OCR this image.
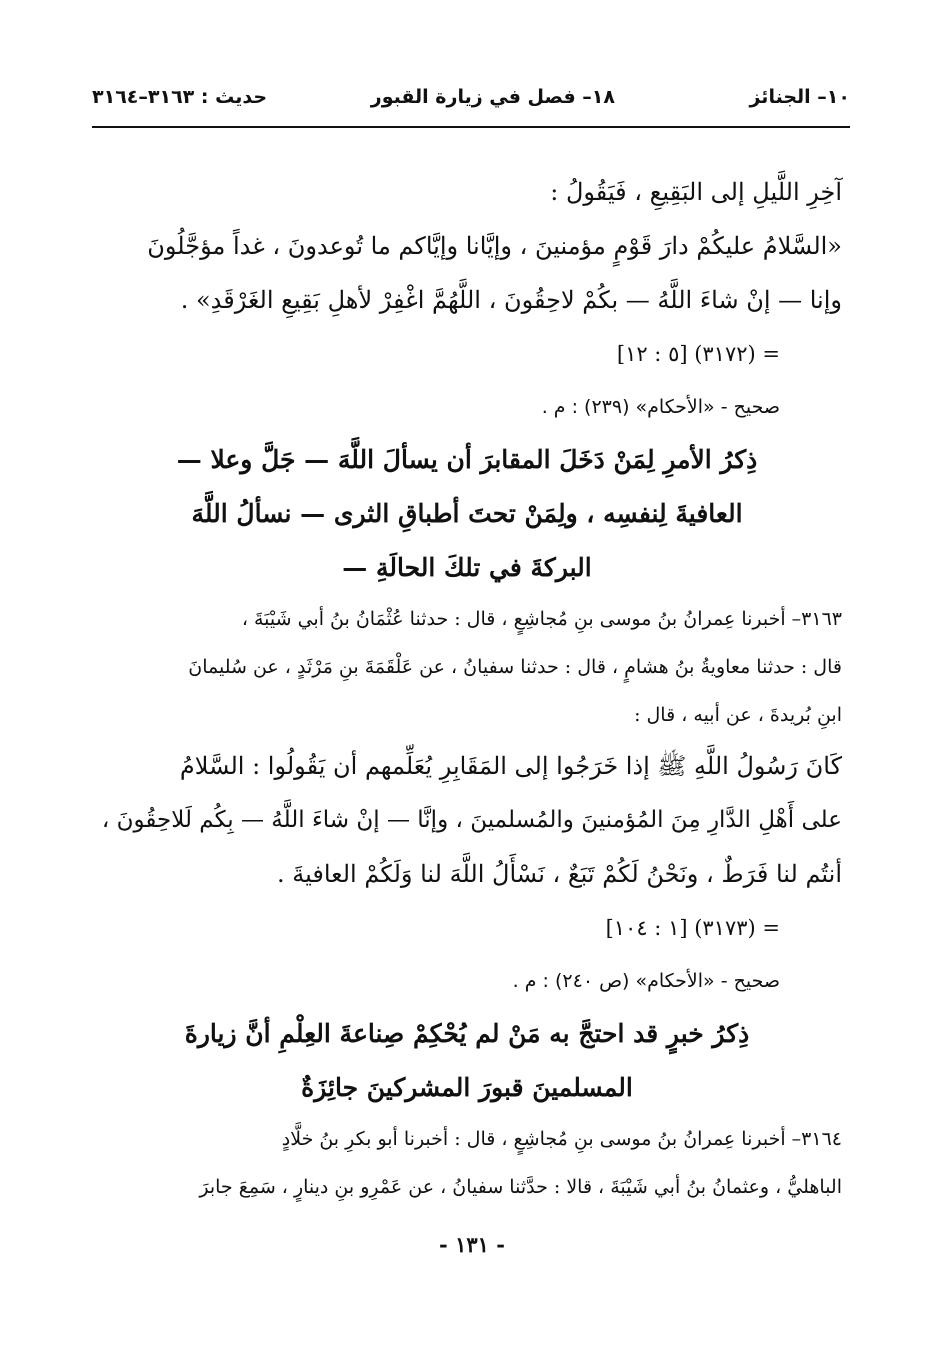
١٠– الجنائز
١٨– فصل في زيارة القبور
حديث : ٣١٦٣–٣١٦٤
آخِرِ اللَّيلِ إلى البَقِيعِ ، فَيَقُولُ :
«السَّلامُ عليكُمْ دارَ قَوْمٍ مؤمنينَ ، وإيَّانا وإيَّاكم ما تُوعدونَ ، غداً مؤجَّلُونَ
وإنا — إنْ شاءَ اللَّهُ — بكُمْ لاحِقُونَ ، اللَّهُمَّ اغْفِرْ لأهلِ بَقِيعِ الغَرْقَدِ» .
= (٣١٧٢) [٥ : ١٢]
صحيح - «الأحكام» (٢٣٩) : م .
ذِكرُ الأمرِ لِمَنْ دَخَلَ المقابرَ أن يسألَ اللَّهَ — جَلَّ وعلا —
العافيةَ لِنفسِه ، ولِمَنْ تحتَ أطباقِ الثرى — نسألُ اللَّهَ
البركةَ في تلكَ الحالَةِ —
٣١٦٣– أخبرنا عِمرانُ بنُ موسى بنِ مُجاشِعٍ ، قال : حدثنا عُثْمَانُ بنُ أبي شَيْبَةَ ،
قال : حدثنا معاويةُ بنُ هشامٍ ، قال : حدثنا سفيانُ ، عن عَلْقَمَةَ بنِ مَرْثَدٍ ، عن سُليمانَ
ابنِ بُريدةَ ، عن أبيه ، قال :
كَانَ رَسُولُ اللَّهِ ﷺ إذا خَرَجُوا إلى المَقَابِرِ يُعَلِّمهم أن يَقُولُوا : السَّلامُ
على أَهْلِ الدَّارِ مِنَ المُؤمنينَ والمُسلمينَ ، وإنَّا — إنْ شاءَ اللَّهُ — بِكُم لَلاحِقُونَ ،
أنتُم لنا فَرَطٌ ، ونَحْنُ لَكُمْ تَبَعٌ ، نَسْأَلُ اللَّهَ لنا وَلَكُمْ العافيةَ .
= (٣١٧٣) [١ : ١٠٤]
صحيح - «الأحكام» (ص ٢٤٠) : م .
ذِكرُ خبرٍ قد احتجَّ به مَنْ لم يُحْكِمْ صِناعةَ العِلْمِ أنَّ زيارةَ
المسلمينَ قبورَ المشركينَ جائِزَةٌ
٣١٦٤– أخبرنا عِمرانُ بنُ موسى بنِ مُجاشِعٍ ، قال : أخبرنا أبو بكرِ بنُ خلَّادٍ
الباهليُّ ، وعثمانُ بنُ أبي شَيْبَةَ ، قالا : حدَّثنا سفيانُ ، عن عَمْرِو بنِ دينارٍ ، سَمِعَ جابرَ
- ١٣١ -
